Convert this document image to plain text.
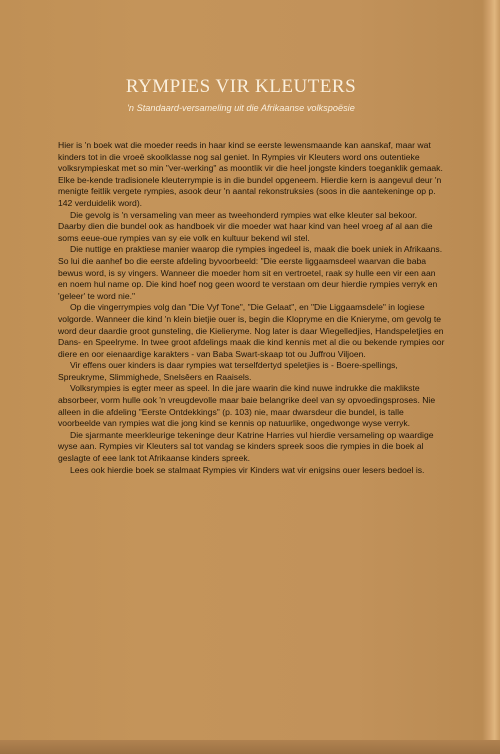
RYMPIES VIR KLEUTERS
'n Standaard-versameling uit die Afrikaanse volkspoësie

Hier is 'n boek wat die moeder reeds in haar kind se eerste lewensmaande kan aanskaf, maar wat kinders tot in die vroeë skoolklasse nog sal geniet. In Rympies vir Kleuters word ons outentieke volksrympieskat met so min "ver-werking" as moontlik vir die heel jongste kinders toeganklik gemaak. Elke be-kende tradisionele kleuterrympie is in die bundel opgeneem. Hierdie kern is aangevul deur 'n menigte feitlik vergete rympies, asook deur 'n aantal rekonstruksies (soos in die aantekeninge op p. 142 verduidelik word).

Die gevolg is 'n versameling van meer as tweehonderd rympies wat elke kleuter sal bekoor. Daarby dien die bundel ook as handboek vir die moeder wat haar kind van heel vroeg af al aan die soms eeue-oue rympies van sy eie volk en kultuur bekend wil stel.

Die nuttige en praktiese manier waarop die rympies ingedeel is, maak die boek uniek in Afrikaans. So lui die aanhef bo die eerste afdeling byvoorbeeld: "Die eerste liggaamsdeel waarvan die baba bewus word, is sy vingers. Wanneer die moeder hom sit en vertroetel, raak sy hulle een vir een aan en noem hul name op. Die kind hoef nog geen woord te verstaan om deur hierdie rympies verryk en 'geleer' te word nie."

Op die vingerrympies volg dan "Die Vyf Tone", "Die Gelaat", en "Die Liggaamsdele" in logiese volgorde. Wanneer die kind 'n klein bietjie ouer is, begin die Klopryme en die Knieryme, om gevolg te word deur daardie groot gunsteling, die Kielieryme. Nog later is daar Wiegelledjies, Handspeletjies en Dans- en Speelryme. In twee groot afdelings maak die kind kennis met al die ou bekende rympies oor diere en oor eienaardige karakters - van Baba Swart-skaap tot ou Juffrou Viljoen.

Vir effens ouer kinders is daar rympies wat terselfdertyd speletjies is - Boere-spellings, Spreukryme, Slimmighede, Snelsêers en Raaisels.

Volksrympies is egter meer as speel. In die jare waarin die kind nuwe indrukke die maklikste absorbeer, vorm hulle ook 'n vreugdevolle maar baie belangrike deel van sy opvoedingsproses. Nie alleen in die afdeling "Eerste Ontdekkings" (p. 103) nie, maar dwarsdeur die bundel, is talle voorbeelde van rympies wat die jong kind se kennis op natuurlike, ongedwonge wyse verryk.

Die sjarmante meerkleurige tekeninge deur Katrine Harries vul hierdie versameling op waardige wyse aan. Rympies vir Kleuters sal tot vandag se kinders spreek soos die rympies in die boek al geslagte of eee lank tot Afrikaanse kinders spreek.

Lees ook hierdie boek se stalmaat Rympies vir Kinders wat vir enigsins ouer lesers bedoel is.
